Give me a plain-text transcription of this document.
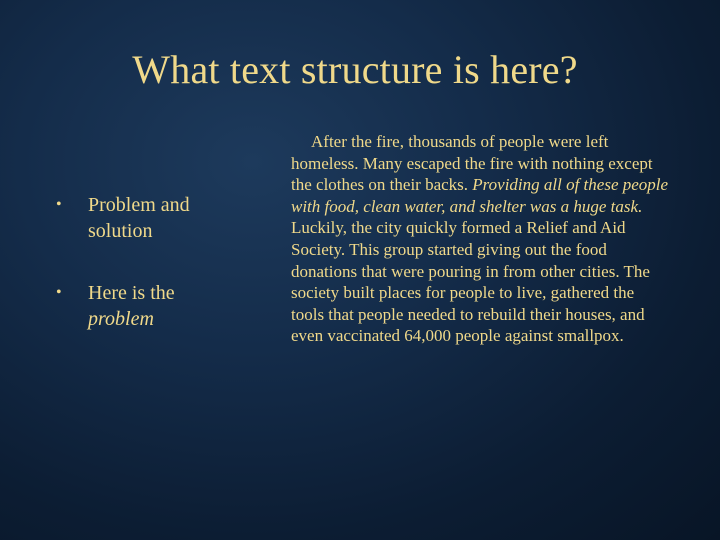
What text structure is here?
• Problem and solution
• Here is the problem

After the fire, thousands of people were left homeless. Many escaped the fire with nothing except the clothes on their backs. Providing all of these people with food, clean water, and shelter was a huge task. Luckily, the city quickly formed a Relief and Aid Society. This group started giving out the food donations that were pouring in from other cities. The society built places for people to live, gathered the tools that people needed to rebuild their houses, and even vaccinated 64,000 people against smallpox.
